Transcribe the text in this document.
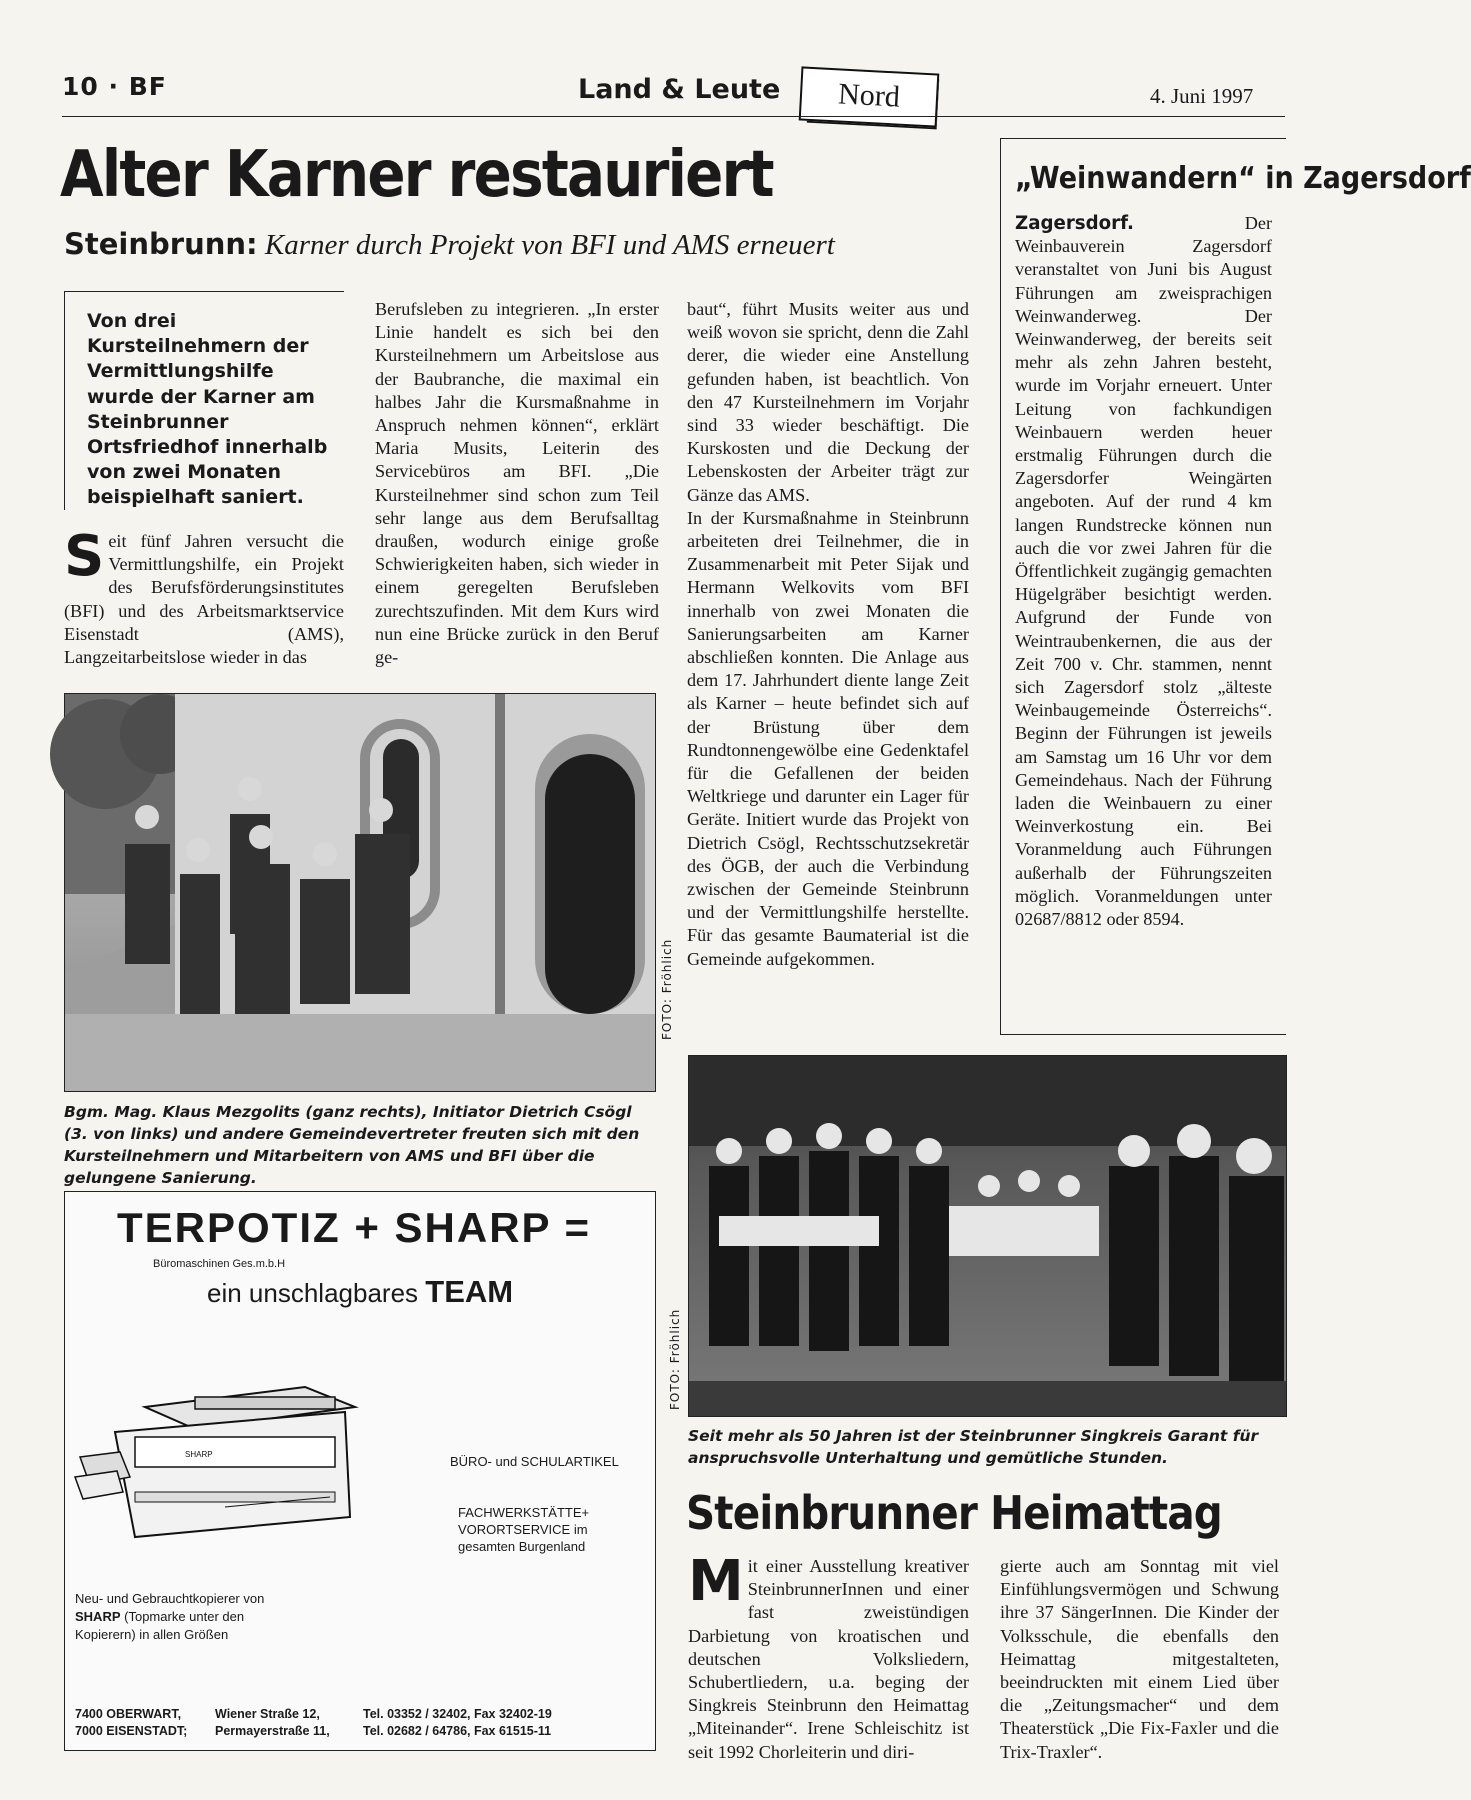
10 · BF	Land & Leute	Nord	4. Juni 1997
Alter Karner restauriert
Steinbrunn: Karner durch Projekt von BFI und AMS erneuert
Von drei Kursteilnehmern der Vermittlungshilfe wurde der Karner am Steinbrunner Ortsfriedhof innerhalb von zwei Monaten beispielhaft saniert.
S eit fünf Jahren versucht die Vermittlungshilfe, ein Projekt des Berufsförderungsinstitutes (BFI) und des Arbeitsmarktservice Eisenstadt (AMS), Langzeitarbeitslose wieder in das
Berufsleben zu integrieren. „In erster Linie handelt es sich bei den Kursteilnehmern um Arbeitslose aus der Baubranche, die maximal ein halbes Jahr die Kursmaßnahme in Anspruch nehmen können“, erklärt Maria Musits, Leiterin des Servicebüros am BFI. „Die Kursteilnehmer sind schon zum Teil sehr lange aus dem Berufsalltag draußen, wodurch einige große Schwierigkeiten haben, sich wieder in einem geregelten Berufsleben zurechtszufinden. Mit dem Kurs wird nun eine Brücke zurück in den Beruf ge-

baut“, führt Musits weiter aus und weiß wovon sie spricht, denn die Zahl derer, die wieder eine Anstellung gefunden haben, ist beachtlich. Von den 47 Kursteilnehmern im Vorjahr sind 33 wieder beschäftigt. Die Kurskosten und die Deckung der Lebenskosten der Arbeiter trägt zur Gänze das AMS.

In der Kursmaßnahme in Steinbrunn arbeiteten drei Teilnehmer, die in Zusammenarbeit mit Peter Sijak und Hermann Welkovits vom BFI innerhalb von zwei Monaten die Sanierungsarbeiten am Karner abschließen konnten. Die Anlage aus dem 17. Jahrhundert diente lange Zeit als Karner – heute befindet sich auf der Brüstung über dem Rundtonnengewölbe eine Gedenktafel für die Gefallenen der beiden Weltkriege und darunter ein Lager für Geräte. Initiert wurde das Projekt von Dietrich Csögl, Rechtsschutzsekretär des ÖGB, der auch die Verbindung zwischen der Gemeinde Steinbrunn und der Vermittlungshilfe herstellte. Für das gesamte Baumaterial ist die Gemeinde aufgekommen.

FOTO: Fröhlich
Bgm. Mag. Klaus Mezgolits (ganz rechts), Initiator Dietrich Csögl (3. von links) und andere Gemeindevertreter freuten sich mit den Kursteilnehmern und Mitarbeitern von AMS und BFI über die gelungene Sanierung.
„Weinwandern“ in Zagersdorf
Zagersdorf.	Der Weinbauverein Zagersdorf veranstaltet von Juni bis August Führungen am zweisprachigen Weinwanderweg. Der Weinwanderweg, der bereits seit mehr als zehn Jahren besteht, wurde im Vorjahr erneuert. Unter Leitung von fachkundigen Weinbauern werden heuer erstmalig Führungen durch die Zagersdorfer Weingärten angeboten. Auf der rund 4 km langen Rundstrecke können nun auch die vor zwei Jahren für die Öffentlichkeit zugängig gemachten Hügelgräber besichtigt werden. Aufgrund der Funde von Weintraubenkernen, die aus der Zeit 700 v. Chr. stammen, nennt sich Zagersdorf stolz „älteste Weinbaugemeinde Österreichs“. Beginn der Führungen ist jeweils am Samstag um 16 Uhr vor dem Gemeindehaus. Nach der Führung laden die Weinbauern zu einer Weinverkostung ein. Bei Voranmeldung auch Führungen außerhalb der Führungszeiten möglich. Voranmeldungen unter 02687/8812 oder 8594.
FOTO: Fröhlich
Seit mehr als 50 Jahren ist der Steinbrunner Singkreis Garant für anspruchsvolle Unterhaltung und gemütliche Stunden.
Steinbrunner Heimattag
M it einer Ausstellung kreativer SteinbrunnerInnen und einer fast zweistündigen Darbietung von kroatischen und deutschen Volksliedern, Schubertliedern, u.a. beging der Singkreis Steinbrunn den Heimattag „Miteinander“. Irene Schleischitz ist seit 1992 Chorleiterin und diri-
gierte auch am Sonntag mit viel Einfühlungsvermögen und Schwung ihre 37 SängerInnen. Die Kinder der Volksschule, die ebenfalls den Heimattag mitgestalteten, beeindruckten mit einem Lied über die „Zeitungsmacher“ und dem Theaterstück „Die Fix-Faxler und die Trix-Traxler“.
TERPOTIZ + SHARP =
Büromaschinen Ges.m.b.H
ein unschlagbares TEAM
SHARP	BÜRO- und SCHULARTIKEL
FACHWERKSTÄTTE+ VORORTSERVICE im gesamten Burgenland
Neu- und Gebrauchtkopierer von SHARP (Topmarke unter den Kopierern) in allen Größen

7400 OBERWART,	Wiener Straße 12,	Tel. 03352 / 32402, Fax 32402-19

7000 EISENSTADT; Permayerstraße 11,	Tel. 02682 / 64786, Fax 61515-11
